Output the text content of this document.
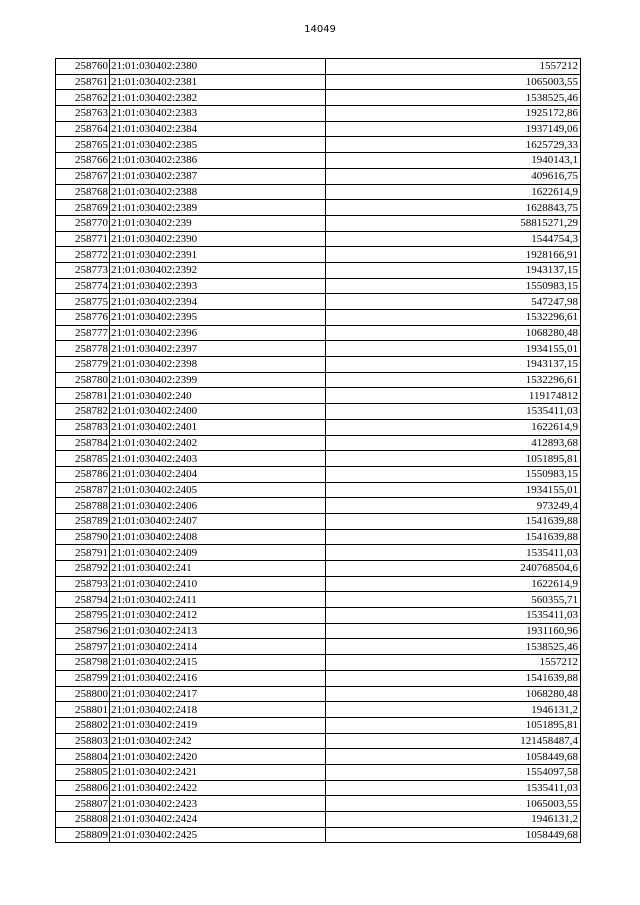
14049
258760	21:01:030402:2380	1557212
258761	21:01:030402:2381	1065003,55
258762	21:01:030402:2382	1538525,46
258763	21:01:030402:2383	1925172,86
258764	21:01:030402:2384	1937149,06
258765	21:01:030402:2385	1625729,33
258766	21:01:030402:2386	1940143,1
258767	21:01:030402:2387	409616,75
258768	21:01:030402:2388	1622614,9
258769	21:01:030402:2389	1628843,75
258770	21:01:030402:239	58815271,29
258771	21:01:030402:2390	1544754,3
258772	21:01:030402:2391	1928166,91
258773	21:01:030402:2392	1943137,15
258774	21:01:030402:2393	1550983,15
258775	21:01:030402:2394	547247,98
258776	21:01:030402:2395	1532296,61
258777	21:01:030402:2396	1068280,48
258778	21:01:030402:2397	1934155,01
258779	21:01:030402:2398	1943137,15
258780	21:01:030402:2399	1532296,61
258781	21:01:030402:240	119174812
258782	21:01:030402:2400	1535411,03
258783	21:01:030402:2401	1622614,9
258784	21:01:030402:2402	412893,68
258785	21:01:030402:2403	1051895,81
258786	21:01:030402:2404	1550983,15
258787	21:01:030402:2405	1934155,01
258788	21:01:030402:2406	973249,4
258789	21:01:030402:2407	1541639,88
258790	21:01:030402:2408	1541639,88
258791	21:01:030402:2409	1535411,03
258792	21:01:030402:241	240768504,6
258793	21:01:030402:2410	1622614,9
258794	21:01:030402:2411	560355,71
258795	21:01:030402:2412	1535411,03
258796	21:01:030402:2413	1931160,96
258797	21:01:030402:2414	1538525,46
258798	21:01:030402:2415	1557212
258799	21:01:030402:2416	1541639,88
258800	21:01:030402:2417	1068280,48
258801	21:01:030402:2418	1946131,2
258802	21:01:030402:2419	1051895,81
258803	21:01:030402:242	121458487,4
258804	21:01:030402:2420	1058449,68
258805	21:01:030402:2421	1554097,58
258806	21:01:030402:2422	1535411,03
258807	21:01:030402:2423	1065003,55
258808	21:01:030402:2424	1946131,2
258809	21:01:030402:2425	1058449,68
